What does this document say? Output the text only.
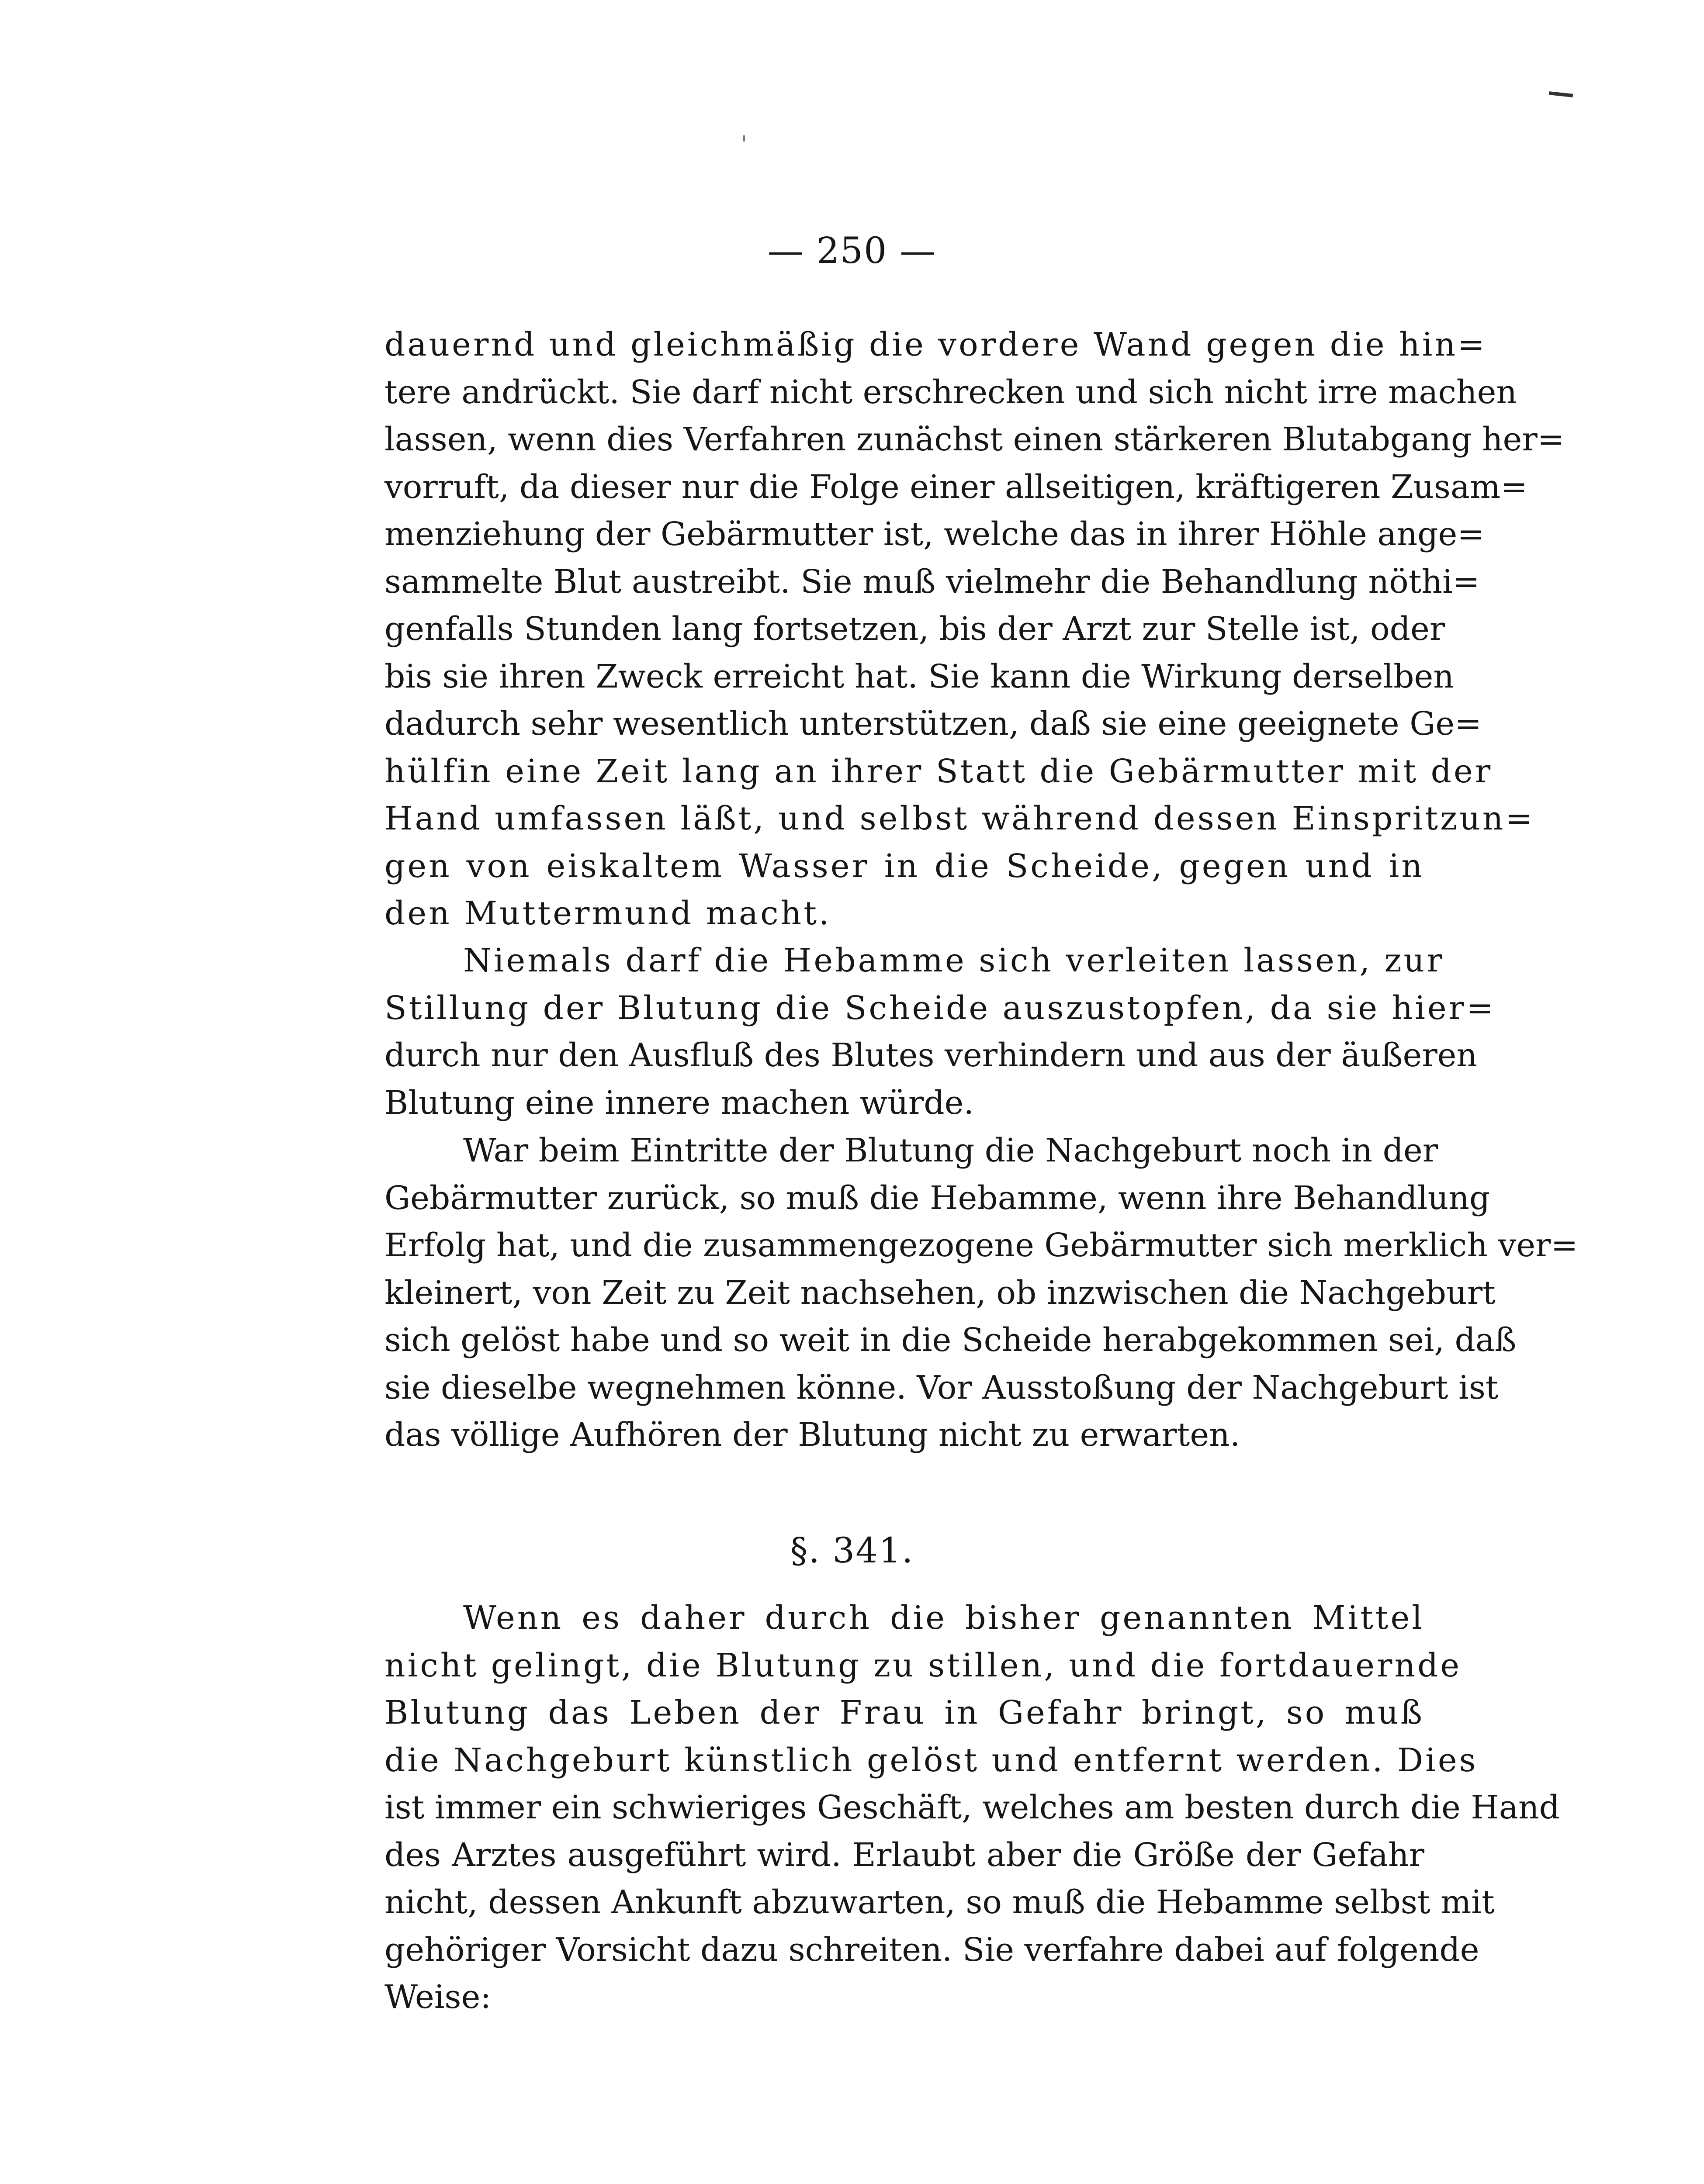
— 250 —
dauernd und gleichmäßig die vordere Wand gegen die hin=
tere andrückt. Sie darf nicht erschrecken und sich nicht irre machen
lassen, wenn dies Verfahren zunächst einen stärkeren Blutabgang her=
vorruft, da dieser nur die Folge einer allseitigen, kräftigeren Zusam=
menziehung der Gebärmutter ist, welche das in ihrer Höhle ange=
sammelte Blut austreibt. Sie muß vielmehr die Behandlung nöthi=
genfalls Stunden lang fortsetzen, bis der Arzt zur Stelle ist, oder
bis sie ihren Zweck erreicht hat. Sie kann die Wirkung derselben
dadurch sehr wesentlich unterstützen, daß sie eine geeignete Ge=
hülfin eine Zeit lang an ihrer Statt die Gebärmutter mit der
Hand umfassen läßt, und selbst während dessen Einspritzun=
gen von eiskaltem Wasser in die Scheide, gegen und in
den Muttermund macht.
Niemals darf die Hebamme sich verleiten lassen, zur
Stillung der Blutung die Scheide auszustopfen, da sie hier=
durch nur den Ausfluß des Blutes verhindern und aus der äußeren
Blutung eine innere machen würde.
War beim Eintritte der Blutung die Nachgeburt noch in der
Gebärmutter zurück, so muß die Hebamme, wenn ihre Behandlung
Erfolg hat, und die zusammengezogene Gebärmutter sich merklich ver=
kleinert, von Zeit zu Zeit nachsehen, ob inzwischen die Nachgeburt
sich gelöst habe und so weit in die Scheide herabgekommen sei, daß
sie dieselbe wegnehmen könne. Vor Ausstoßung der Nachgeburt ist
das völlige Aufhören der Blutung nicht zu erwarten.
§. 341.
Wenn es daher durch die bisher genannten Mittel
nicht gelingt, die Blutung zu stillen, und die fortdauernde
Blutung das Leben der Frau in Gefahr bringt, so muß
die Nachgeburt künstlich gelöst und entfernt werden. Dies
ist immer ein schwieriges Geschäft, welches am besten durch die Hand
des Arztes ausgeführt wird. Erlaubt aber die Größe der Gefahr
nicht, dessen Ankunft abzuwarten, so muß die Hebamme selbst mit
gehöriger Vorsicht dazu schreiten. Sie verfahre dabei auf folgende
Weise:
